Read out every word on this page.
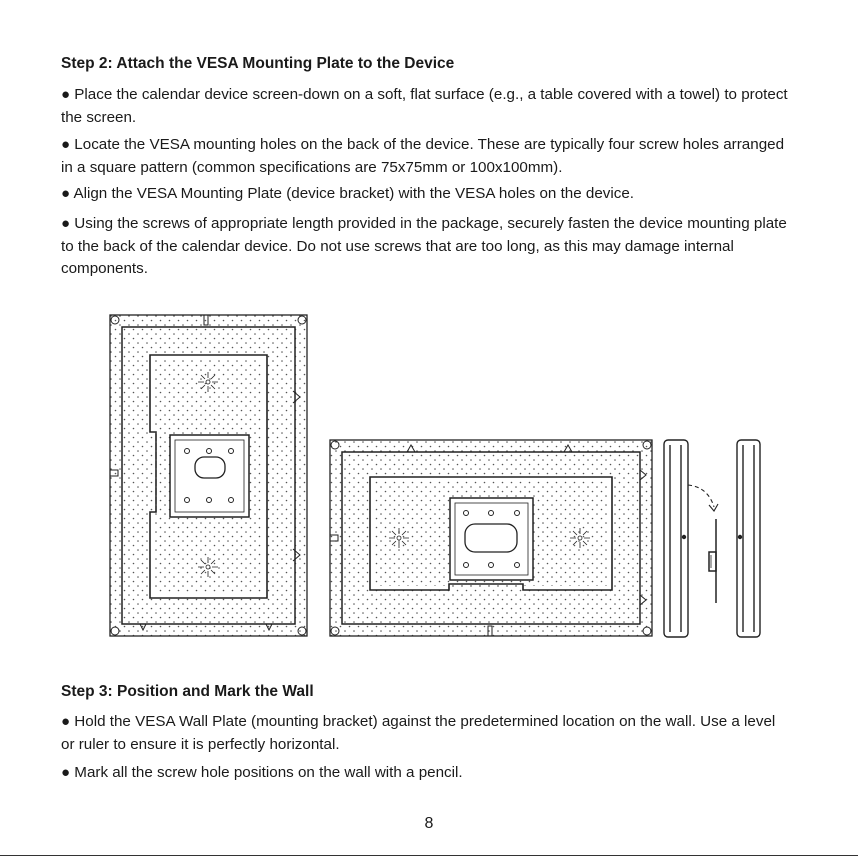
Step 2: Attach the VESA Mounting Plate to the Device

● Place the calendar device screen-down on a soft, flat surface (e.g., a table covered with a towel) to protect the screen.

● Locate the VESA mounting holes on the back of the device. These are typically four screw holes arranged in a square pattern (common specifications are 75x75mm or 100x100mm).

● Align the VESA Mounting Plate (device bracket) with the VESA holes on the device.

● Using the screws of appropriate length provided in the package, securely fasten the device mounting plate to the back of the calendar device. Do not use screws that are too long, as this may damage internal components.

Step 3: Position and Mark the Wall

● Hold the VESA Wall Plate (mounting bracket) against the predetermined location on the wall. Use a level or ruler to ensure it is perfectly horizontal.

● Mark all the screw hole positions on the wall with a pencil.

8
